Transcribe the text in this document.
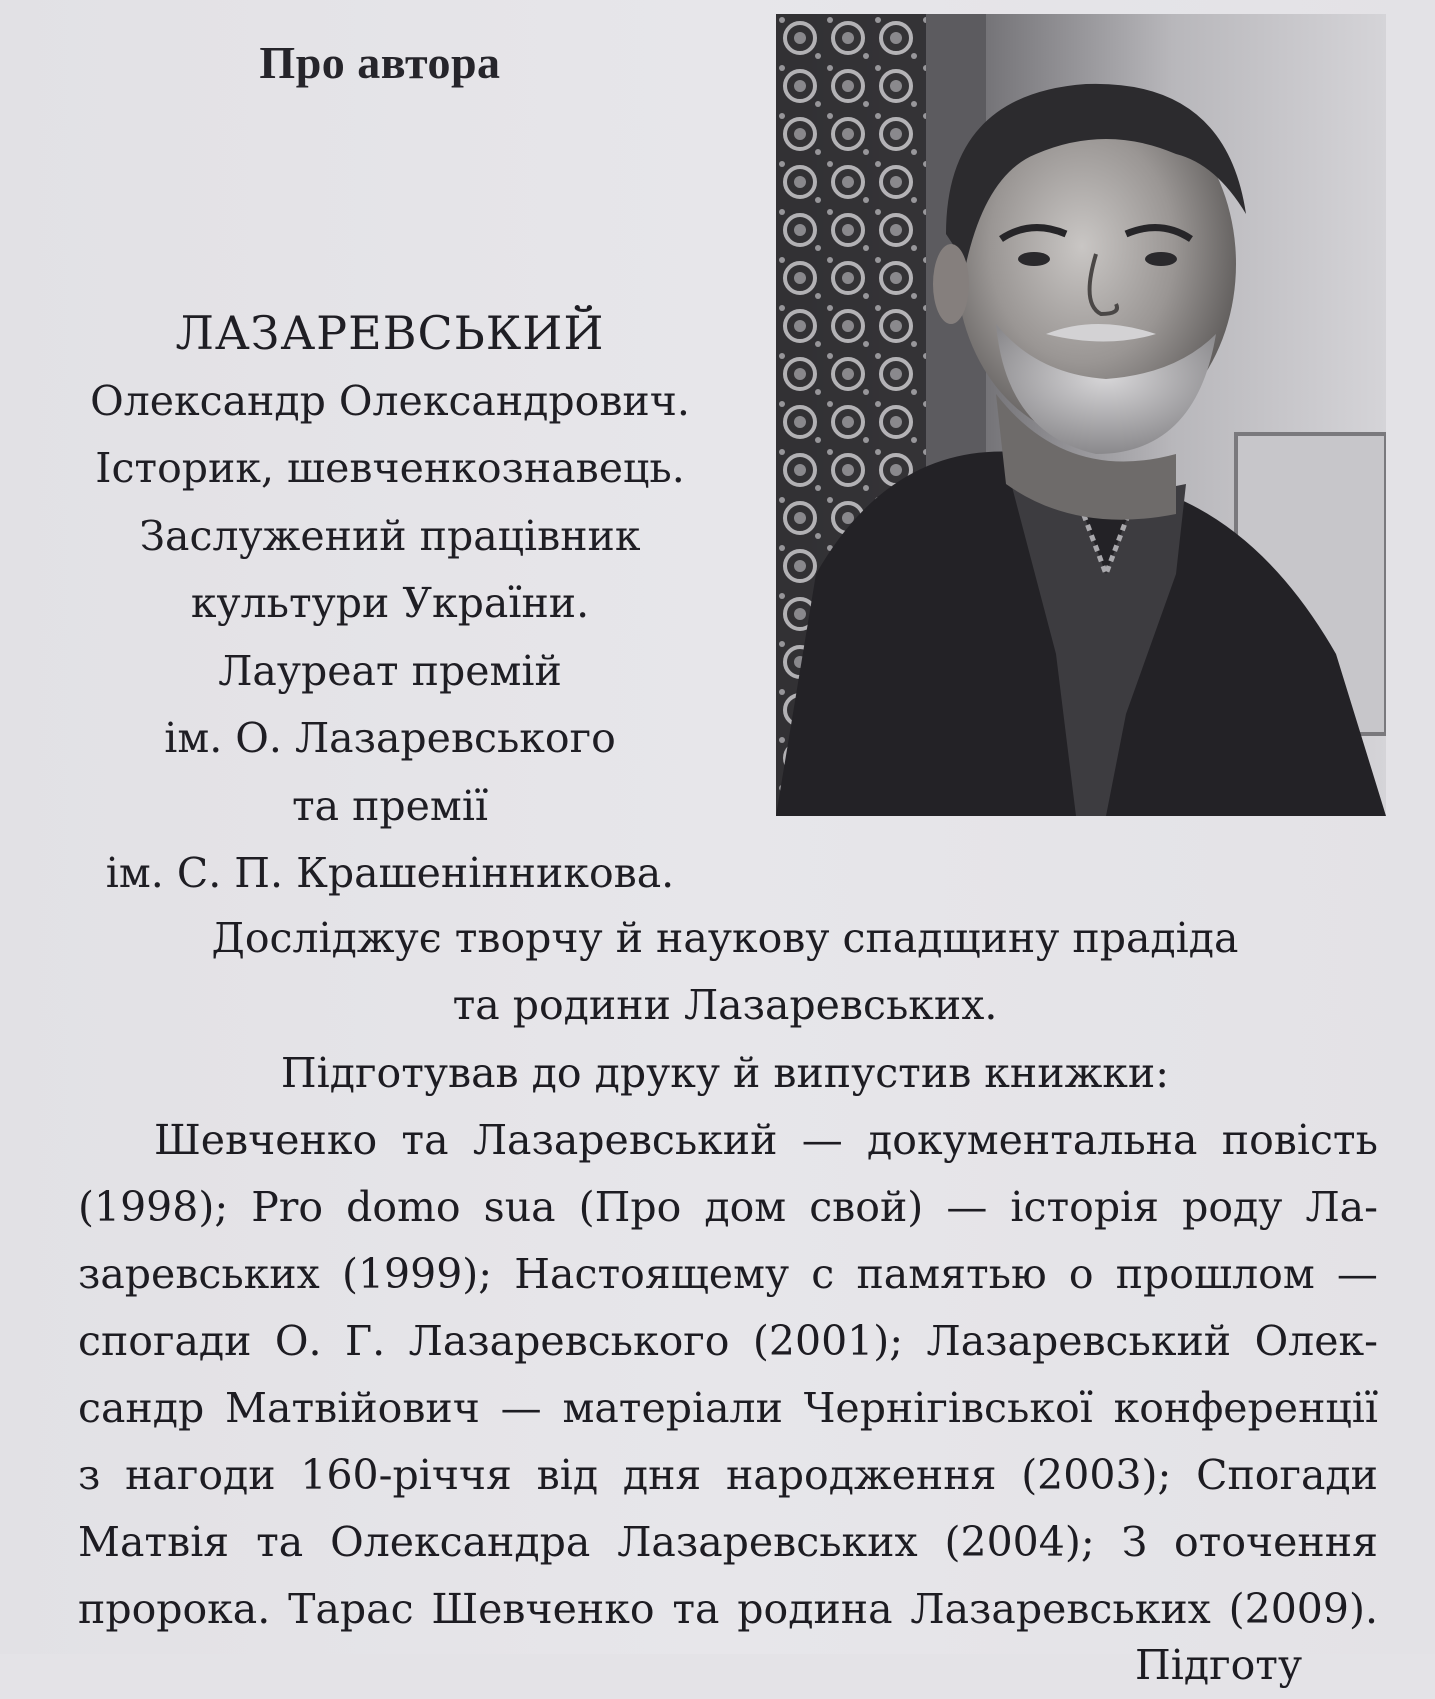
Про автора
ЛАЗАРЕВСЬКИЙ
Олександр Олександрович.
Історик, шевченкознавець.
Заслужений працівник
культури України.
Лауреат премій
ім. О. Лазаревського
та премії
ім. С. П. Крашенінникова.
Досліджує творчу й наукову спадщину прадіда
та родини Лазаревських.
Підготував до друку й випустив книжки:
Шевченко та Лазаревський — документальна повість
(1998); Pro domo sua (Про дом свой) — історія роду Ла-
заревських (1999); Настоящему с памятью о прошлом —
спогади О. Г. Лазаревського (2001); Лазаревський Олек-
сандр Матвійович — матеріали Чернігівської конференції
з нагоди 160-річчя від дня народження (2003); Спогади
Матвія та Олександра Лазаревських (2004); З оточення
пророка. Тарас Шевченко та родина Лазаревських (2009).
Підготу
